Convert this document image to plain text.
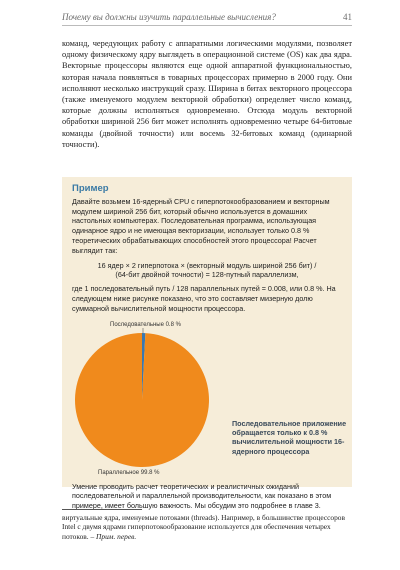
Почему вы должны изучить параллельные вычисления?	41

команд, чередующих работу с аппаратными логическими модулями, позволяет одному физическому ядру выглядеть в операционной системе (OS) как два ядра. Векторные процессоры являются еще одной аппаратной функциональностью, которая начала появляться в товарных процессорах примерно в 2000 году. Они исполняют несколько инструкций сразу. Ширина в битах векторного процессора (также именуемого модулем векторной обработки) определяет число команд, которые должны исполняться одновременно. Отсюда модуль векторной обработки шириной 256 бит может исполнять одновременно четыре 64-битовые команды (двойной точности) или восемь 32-битовых команд (одинарной точности).

Пример

Давайте возьмем 16-ядерный CPU с гиперпотокообразованием и векторным модулем шириной 256 бит, который обычно используется в домашних настольных компьютерах. Последовательная программа, использующая одинарное ядро и не имеющая векторизации, использует только 0.8 % теоретических обрабатывающих способностей этого процессора! Расчет выглядит так:

16 ядер × 2 гиперпотока × (векторный модуль шириной 256 бит) /
(64-бит двойной точности) = 128-путный параллелизм,

где 1 последовательный путь / 128 параллельных путей = 0.008, или 0.8 %. На следующем ниже рисунке показано, что это составляет мизерную долю суммарной вычислительной мощности процессора.

Последовательные 0.8 %
Параллельное 99.8 %
Последовательное приложение обращается только к 0.8 % вычислительной мощности 16-ядерного процессора

Умение проводить расчет теоретических и реалистичных ожиданий последовательной и параллельной производительности, как показано в этом примере, имеет большую важность. Мы обсудим это подробнее в главе 3.

виртуальные ядра, именуемые потоками (threads). Например, в большинстве процессоров Intel с двумя ядрами гиперпотокообразование используется для обеспечения четырех потоков. – Прим. перев.
